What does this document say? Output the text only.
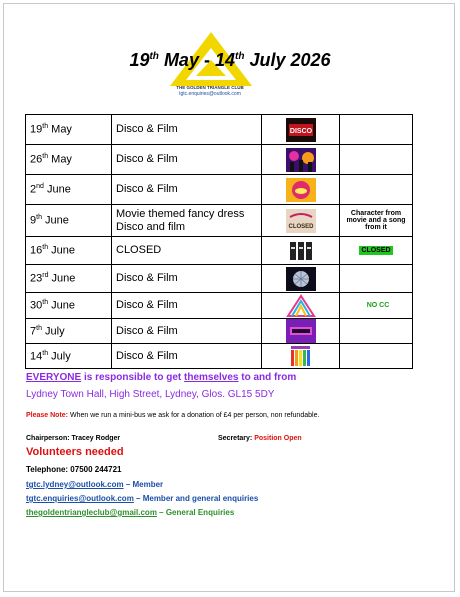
19th May - 14th July 2026
THE GOLDEN TRIANGLE CLUB
tgtc.enquiries@outlook.com
19th May	Disco & Film	DISCO	

26th May	Disco & Film	

2nd June	Disco & Film	

9th June	Movie themed fancy dress Disco and film	CLOSED	Character from movie and a song from it
16th June	CLOSED		CLOSED
23rd June	Disco & Film	

30th June	Disco & Film		NO CC
7th July	Disco & Film	

14th July	Disco & Film	

EVERYONE is responsible to get themselves to and from
Lydney Town Hall, High Street, Lydney, Glos. GL15 5DY
Please Note: When we run a mini-bus we ask for a donation of £4 per person, non refundable.
Chairperson: Tracey Rodger	Secretary: Position Open
Volunteers needed
Telephone: 07500 244721
tgtc.lydney@outlook.com – Member
tgtc.enquiries@outlook.com – Member and general enquiries
thegoldentriangleclub@gmail.com – General Enquiries
